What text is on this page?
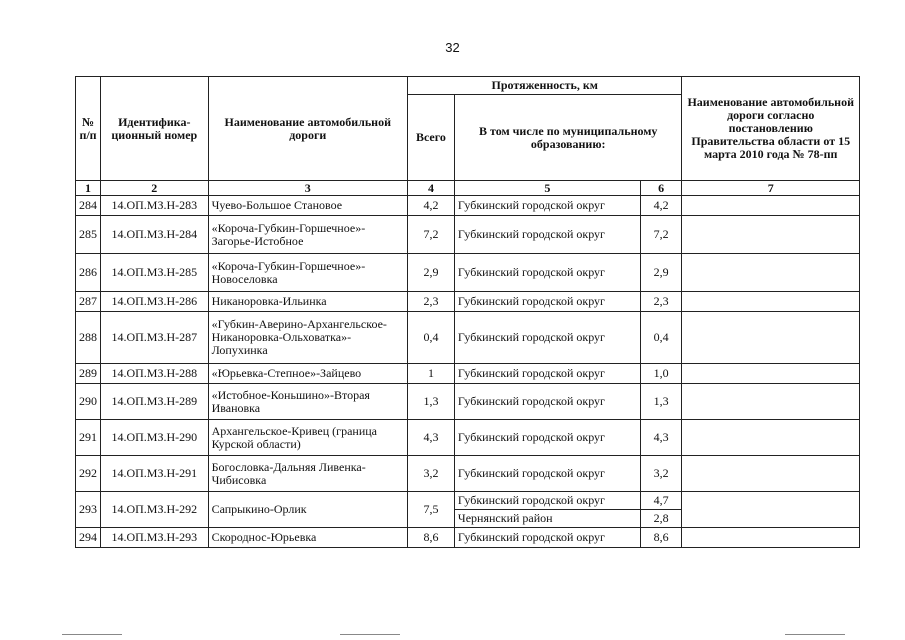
32
№ п/п	Идентифика-ционный номер	Наименование автомобильной дороги	Протяженность, км			Наименование автомобильной дороги согласно постановлению Правительства области от 15 марта 2010 года № 78-пп
			Всего	В том числе по муниципальному образованию:		
1	2	3	4	5	6	7
284	14.ОП.МЗ.Н-283	Чуево-Большое Становое	4,2	Губкинский городской округ	4,2	
285	14.ОП.МЗ.Н-284	«Короча-Губкин-Горшечное»-Загорье-Истобное	7,2	Губкинский городской округ	7,2	
286	14.ОП.МЗ.Н-285	«Короча-Губкин-Горшечное»-Новоселовка	2,9	Губкинский городской округ	2,9	
287	14.ОП.МЗ.Н-286	Никаноровка-Ильинка	2,3	Губкинский городской округ	2,3	
288	14.ОП.МЗ.Н-287	«Губкин-Аверино-Архангельское-Никаноровка-Ольховатка»-Лопухинка	0,4	Губкинский городской округ	0,4	
289	14.ОП.МЗ.Н-288	«Юрьевка-Степное»-Зайцево	1	Губкинский городской округ	1,0	
290	14.ОП.МЗ.Н-289	«Истобное-Коньшино»-Вторая Ивановка	1,3	Губкинский городской округ	1,3	
291	14.ОП.МЗ.Н-290	Архангельское-Кривец (граница Курской области)	4,3	Губкинский городской округ	4,3	
292	14.ОП.МЗ.Н-291	Богословка-Дальняя Ливенка-Чибисовка	3,2	Губкинский городской округ	3,2	
293	14.ОП.МЗ.Н-292	Сапрыкино-Орлик	7,5	Губкинский городской округ	4,7	
				Чернянский район	2,8	
294	14.ОП.МЗ.Н-293	Скороднос-Юрьевка	8,6	Губкинский городской округ	8,6	
